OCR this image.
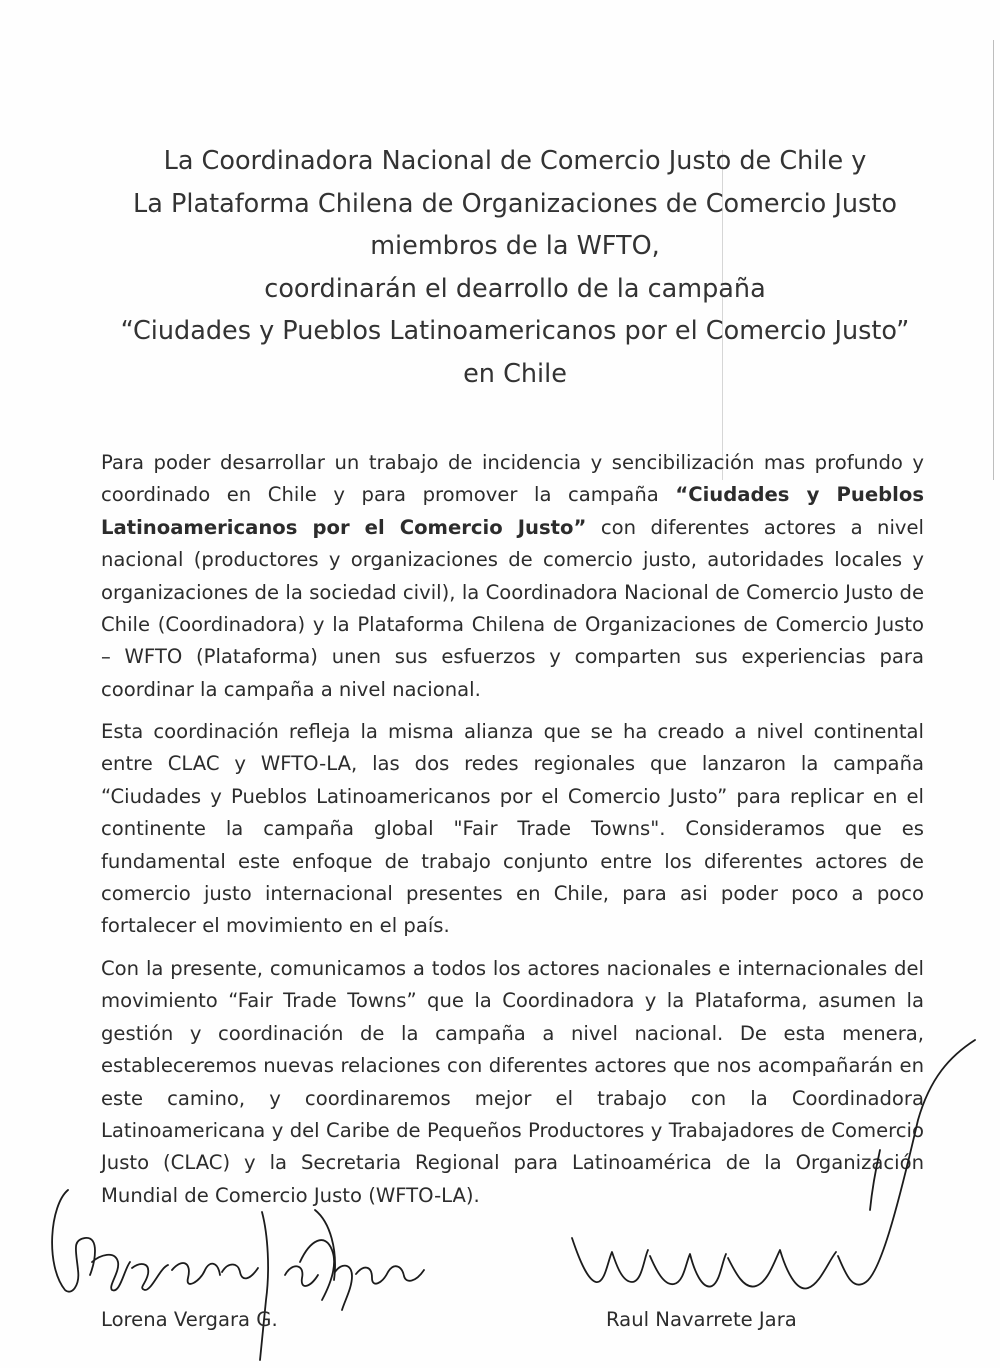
La Coordinadora Nacional de Comercio Justo de Chile y
La Plataforma Chilena de Organizaciones de Comercio Justo
miembros de la WFTO,
coordinarán el dearrollo de la campaña
“Ciudades y Pueblos Latinoamericanos por el Comercio Justo”
en Chile
Para poder desarrollar un trabajo de incidencia y sencibilización mas profundo y coordinado en Chile y para promover la campaña “Ciudades y Pueblos Latinoamericanos por el Comercio Justo” con diferentes actores a nivel nacional (productores y organizaciones de comercio justo, autoridades locales y organizaciones de la sociedad civil), la Coordinadora Nacional de Comercio Justo de Chile (Coordinadora) y la Plataforma Chilena de Organizaciones de Comercio Justo – WFTO (Plataforma) unen sus esfuerzos y comparten sus experiencias para coordinar la campaña a nivel nacional.
Esta coordinación refleja la misma alianza que se ha creado a nivel continental entre CLAC y WFTO-LA, las dos redes regionales que lanzaron la campaña “Ciudades y Pueblos Latinoamericanos por el Comercio Justo” para replicar en el continente la campaña global "Fair Trade Towns". Consideramos que es fundamental este enfoque de trabajo conjunto entre los diferentes actores de comercio justo internacional presentes en Chile, para asi poder poco a poco fortalecer el movimiento en el país.
Con la presente, comunicamos a todos los actores nacionales e internacionales del movimiento “Fair Trade Towns” que la Coordinadora y la Plataforma, asumen la gestión y coordinación de la campaña a nivel nacional. De esta menera, estableceremos nuevas relaciones con diferentes actores que nos acompañarán en este camino, y coordinaremos mejor el trabajo con la Coordinadora Latinoamericana y del Caribe de Pequeños Productores y Trabajadores de Comercio Justo (CLAC) y la Secretaria Regional para Latinoamérica de la Organización Mundial de Comercio Justo (WFTO-LA).
Lorena Vergara G.	Raul Navarrete Jara
